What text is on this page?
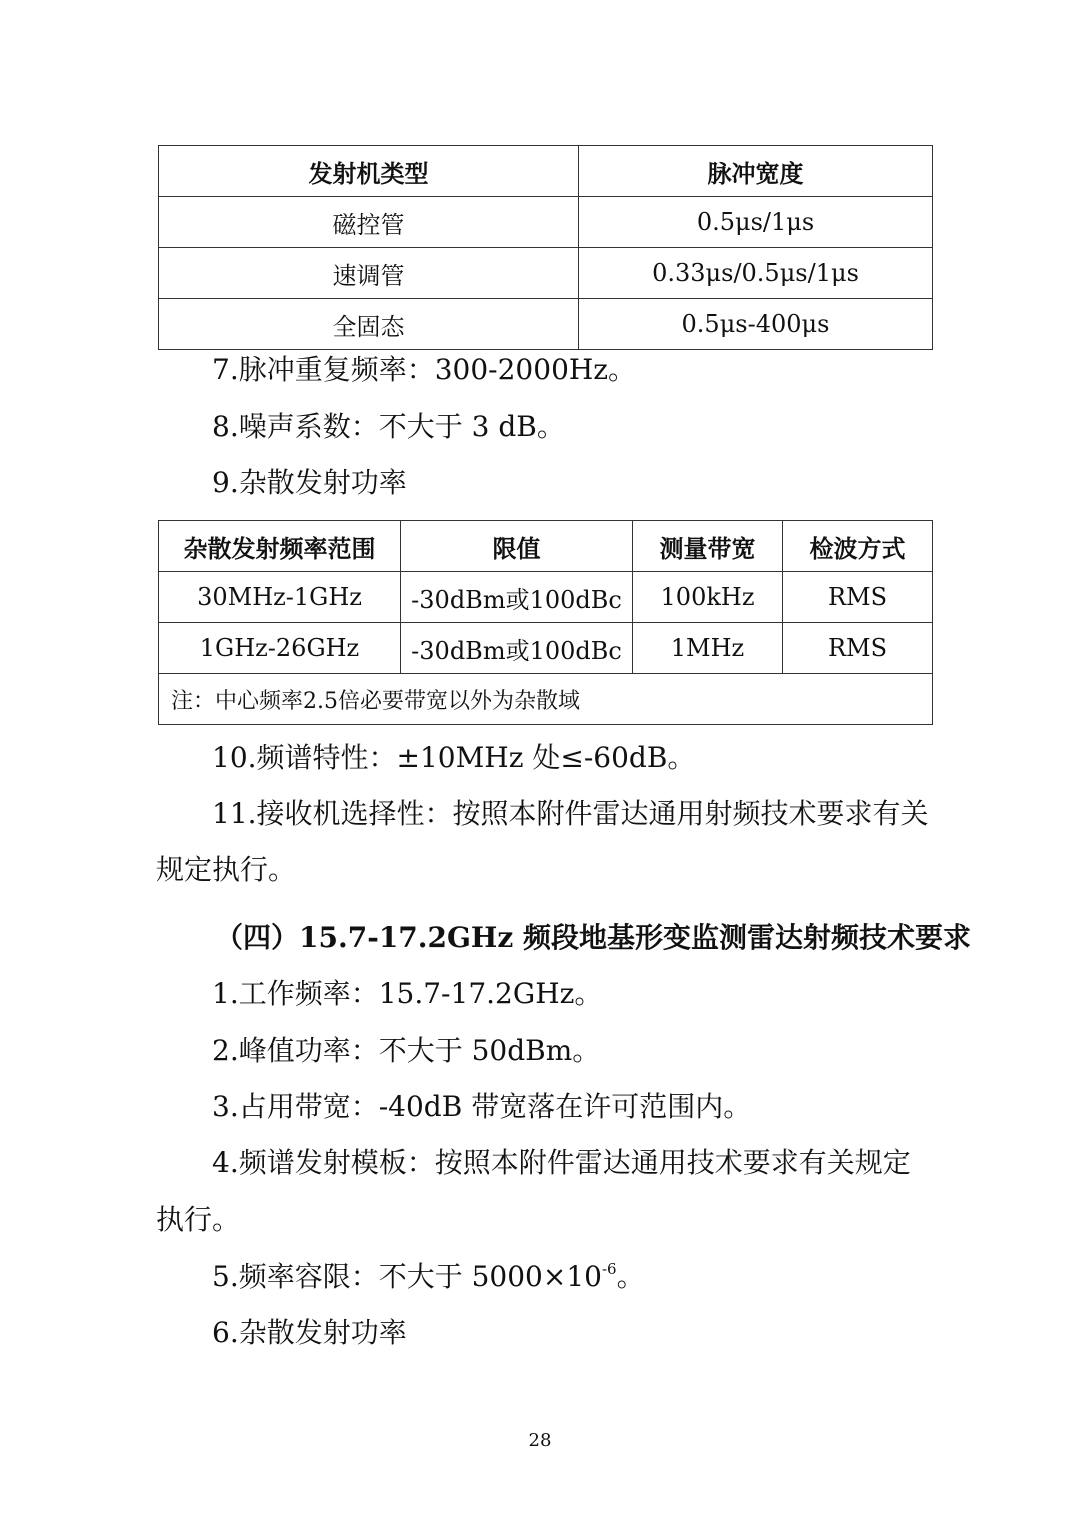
发射机类型	脉冲宽度
磁控管	0.5μs/1μs
速调管	0.33μs/0.5μs/1μs
全固态	0.5μs-400μs
7.脉冲重复频率：300-2000Hz。
8.噪声系数：不大于 3 dB。
9.杂散发射功率
杂散发射频率范围	限值	测量带宽	检波方式
30MHz-1GHz	-30dBm或100dBc	100kHz	RMS
1GHz-26GHz	-30dBm或100dBc	1MHz	RMS
注：中心频率2.5倍必要带宽以外为杂散域			
10.频谱特性：±10MHz 处≤-60dB。
11.接收机选择性：按照本附件雷达通用射频技术要求有关
规定执行。
（四）15.7-17.2GHz 频段地基形变监测雷达射频技术要求
1.工作频率：15.7-17.2GHz。
2.峰值功率：不大于 50dBm。
3.占用带宽：-40dB 带宽落在许可范围内。
4.频谱发射模板：按照本附件雷达通用技术要求有关规定
执行。
5.频率容限：不大于 $5000\times 10^{-6}$。
6.杂散发射功率
28
